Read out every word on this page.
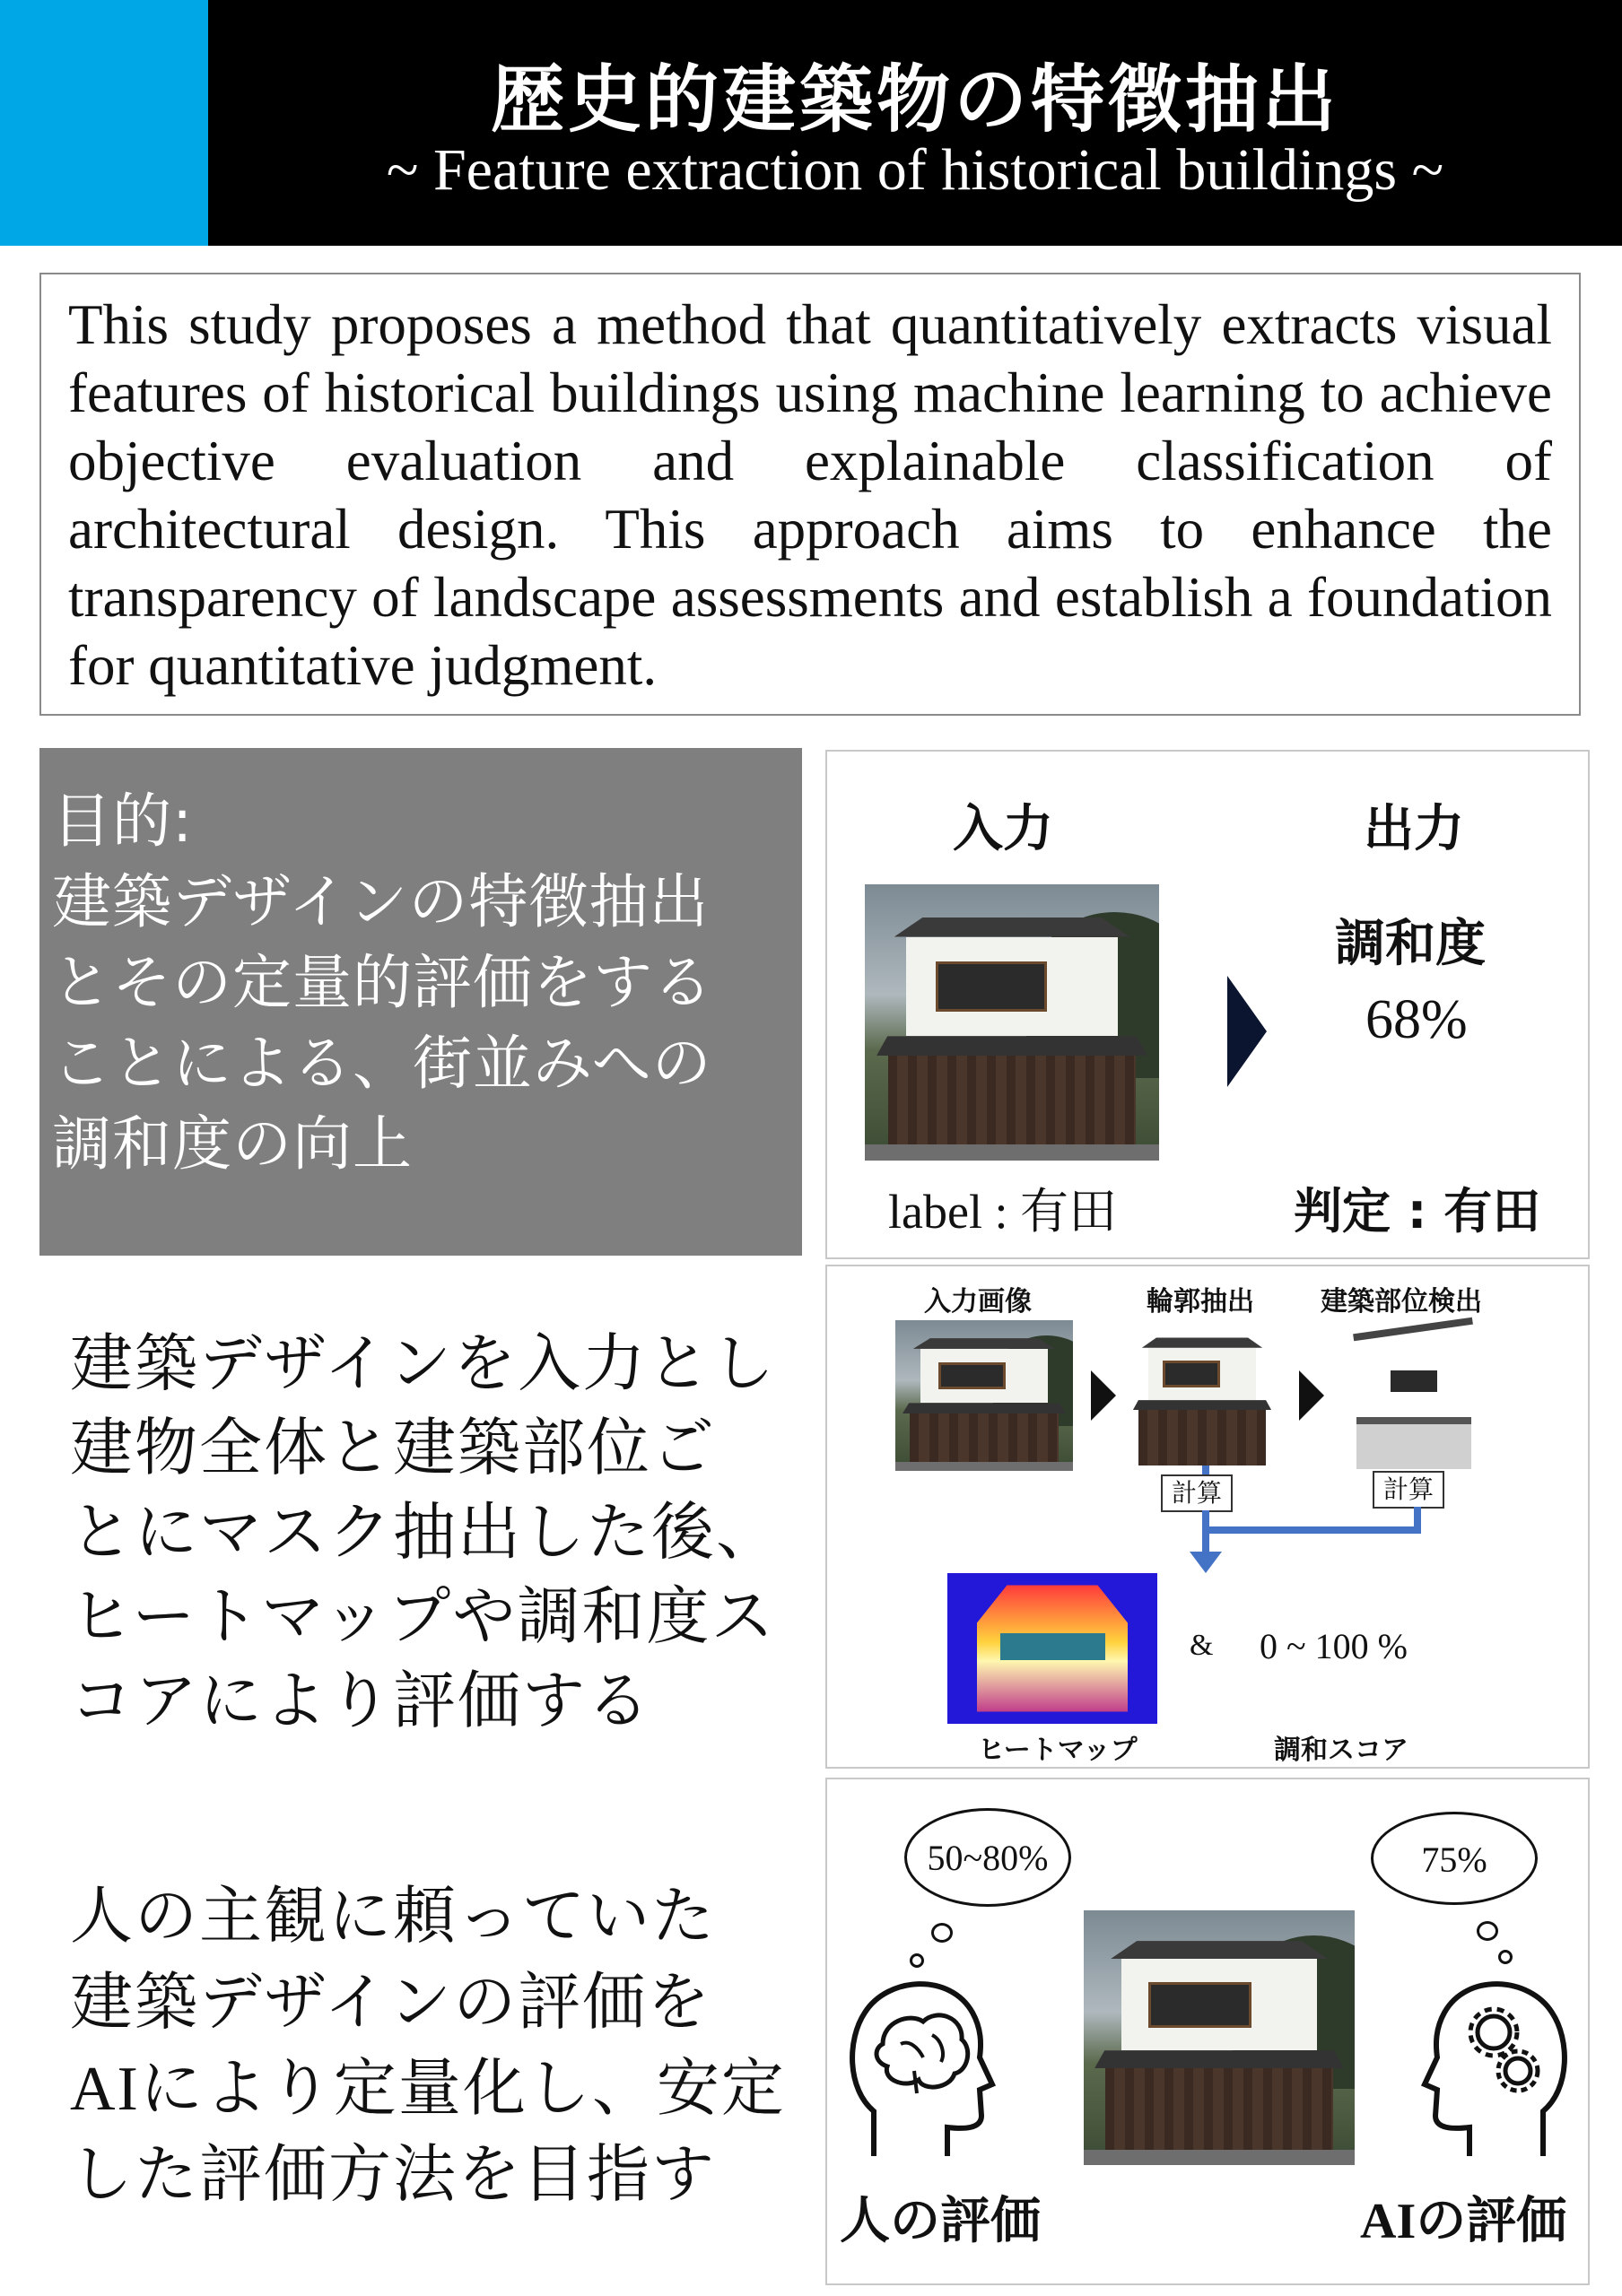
歴史的建築物の特徴抽出
~ Feature extraction of historical buildings ~
This study proposes a method that quantitatively extracts visual features of historical buildings using machine learning to achieve objective evaluation and explainable classification of architectural design. This approach aims to enhance the transparency of landscape assessments and establish a foundation for quantitative judgment.
目的:
建築デザインの特徴抽出
とその定量的評価をする
ことによる、街並みへの
調和度の向上
入力	出力
調和度
68%
label : 有田	判定 : 有田
建築デザインを入力とし
建物全体と建築部位ご
とにマスク抽出した後、
ヒートマップや調和度ス
コアにより評価する
入力画像	輪郭抽出 建築部位検出
計算	計算
& 0 ~ 100 %
ヒートマップ	調和スコア
人の主観に頼っていた
建築デザインの評価を
AIにより定量化し、安定
した評価方法を目指す
50~80%	75%
人の評価	AIの評価
